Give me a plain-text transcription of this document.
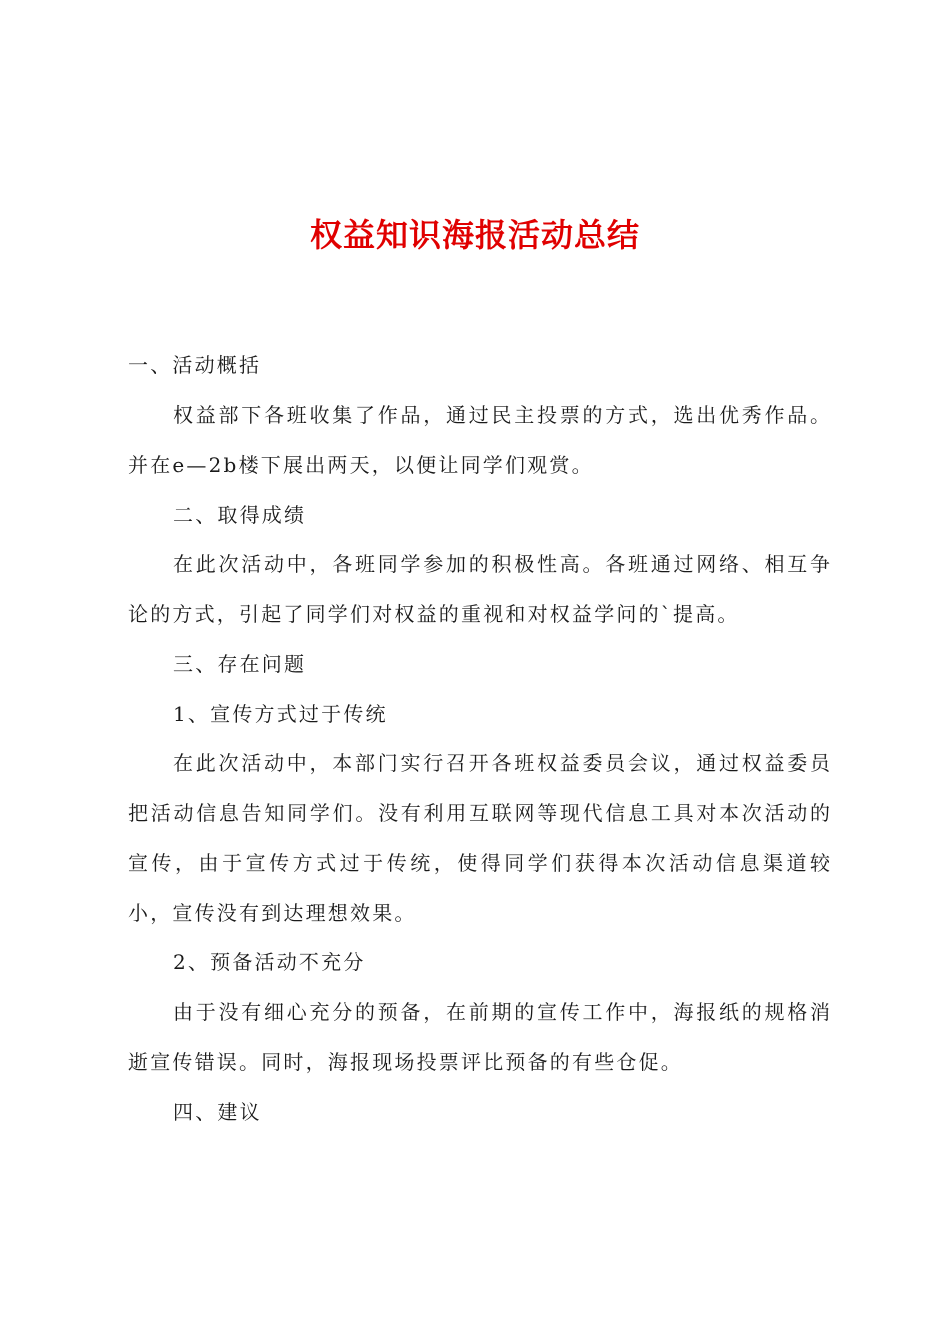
权益知识海报活动总结
一、活动概括
权益部下各班收集了作品，通过民主投票的方式，选出优秀作品。
并在e—2b楼下展出两天，以便让同学们观赏。
二、取得成绩
在此次活动中，各班同学参加的积极性高。各班通过网络、相互争
论的方式，引起了同学们对权益的重视和对权益学问的`提高。
三、存在问题
1、宣传方式过于传统
在此次活动中，本部门实行召开各班权益委员会议，通过权益委员
把活动信息告知同学们。没有利用互联网等现代信息工具对本次活动的
宣传，由于宣传方式过于传统，使得同学们获得本次活动信息渠道较
小，宣传没有到达理想效果。
2、预备活动不充分
由于没有细心充分的预备，在前期的宣传工作中，海报纸的规格消
逝宣传错误。同时，海报现场投票评比预备的有些仓促。
四、建议
